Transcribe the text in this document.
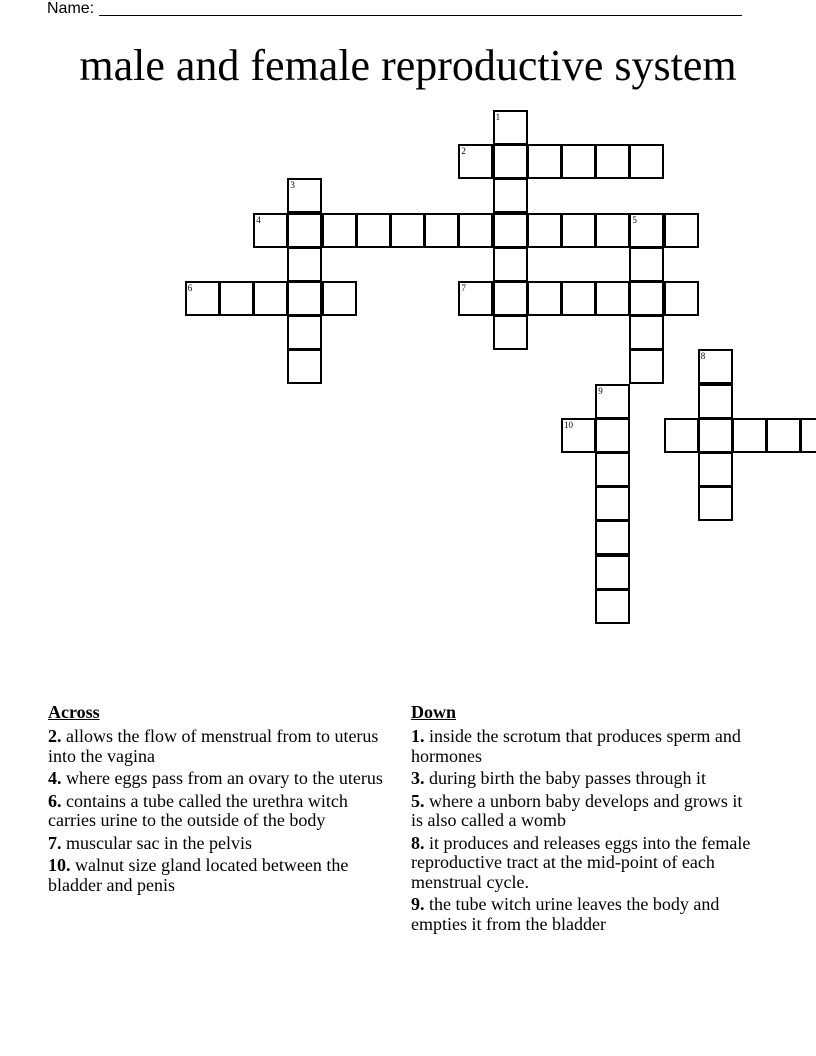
Name:
male and female reproductive system
1
2
3
4	5
6	7
10
8
9
Across
2. allows the flow of menstrual from to uterus into the vagina
4. where eggs pass from an ovary to the uterus
6. contains a tube called the urethra witch carries urine to the outside of the body
7. muscular sac in the pelvis
10. walnut size gland located between the bladder and penis
Down
1. inside the scrotum that produces sperm and hormones
3. during birth the baby passes through it
5. where a unborn baby develops and grows it is also called a womb
8. it produces and releases eggs into the female reproductive tract at the mid-point of each menstrual cycle.
9. the tube witch urine leaves the body and empties it from the bladder
